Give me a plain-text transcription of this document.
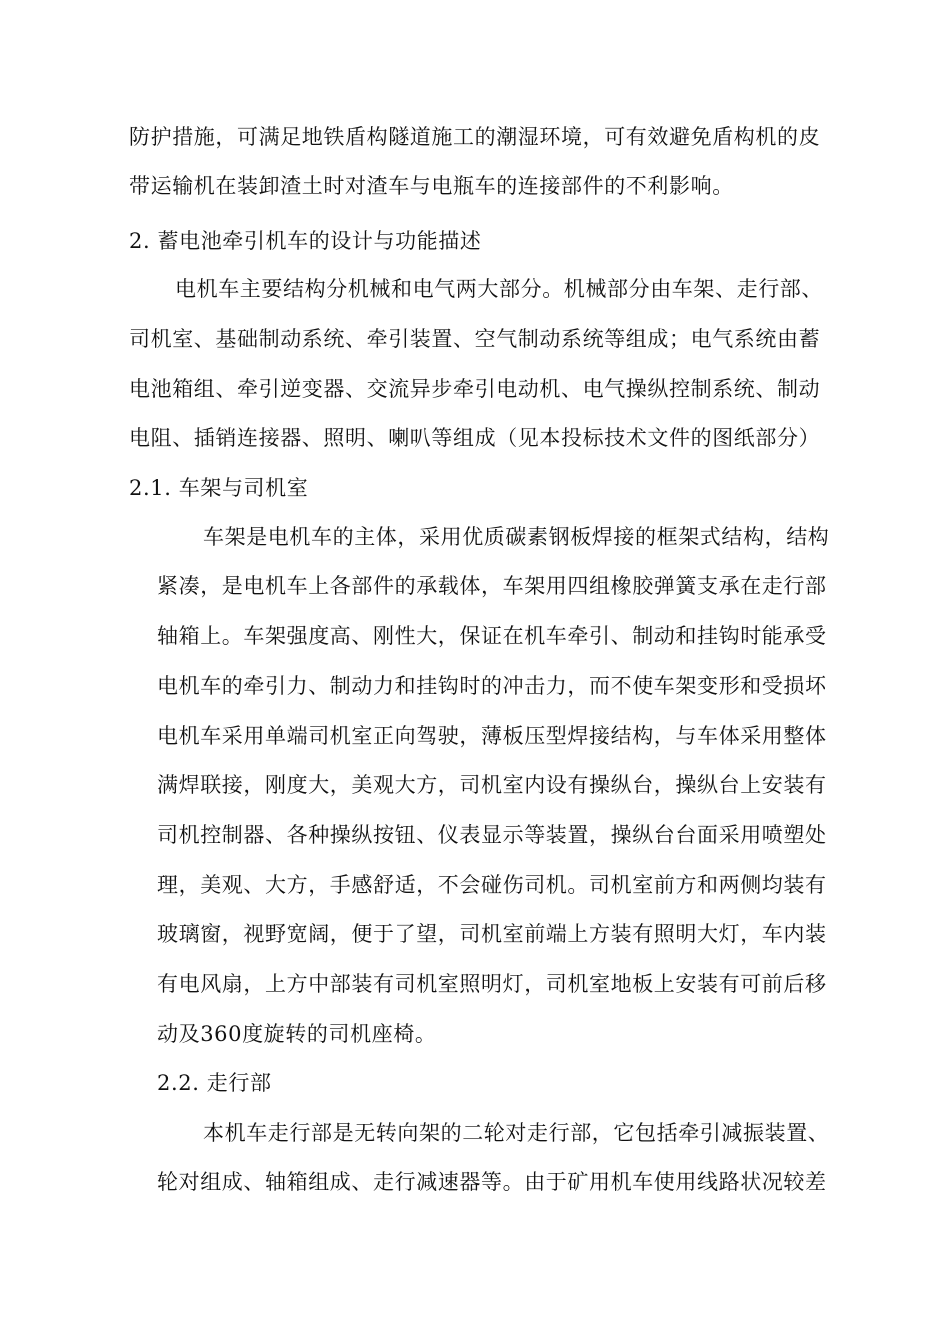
防护措施，可满足地铁盾构隧道施工的潮湿环境，可有效避免盾构机的皮
带运输机在装卸渣土时对渣车与电瓶车的连接部件的不利影响。
2. 蓄电池牵引机车的设计与功能描述
电机车主要结构分机械和电气两大部分。机械部分由车架、走行部、
司机室、基础制动系统、牵引装置、空气制动系统等组成；电气系统由蓄
电池箱组、牵引逆变器、交流异步牵引电动机、电气操纵控制系统、制动
电阻、插销连接器、照明、喇叭等组成（见本投标技术文件的图纸部分）
2.1. 车架与司机室
车架是电机车的主体，采用优质碳素钢板焊接的框架式结构，结构
紧凑，是电机车上各部件的承载体，车架用四组橡胶弹簧支承在走行部
轴箱上。车架强度高、刚性大，保证在机车牵引、制动和挂钩时能承受
电机车的牵引力、制动力和挂钩时的冲击力，而不使车架变形和受损坏
电机车采用单端司机室正向驾驶，薄板压型焊接结构，与车体采用整体
满焊联接，刚度大，美观大方，司机室内设有操纵台，操纵台上安装有
司机控制器、各种操纵按钮、仪表显示等装置，操纵台台面采用喷塑处
理，美观、大方，手感舒适，不会碰伤司机。司机室前方和两侧均装有
玻璃窗，视野宽阔，便于了望，司机室前端上方装有照明大灯，车内装
有电风扇，上方中部装有司机室照明灯，司机室地板上安装有可前后移
动及360度旋转的司机座椅。
2.2. 走行部
本机车走行部是无转向架的二轮对走行部，它包括牵引减振装置、
轮对组成、轴箱组成、走行减速器等。由于矿用机车使用线路状况较差
